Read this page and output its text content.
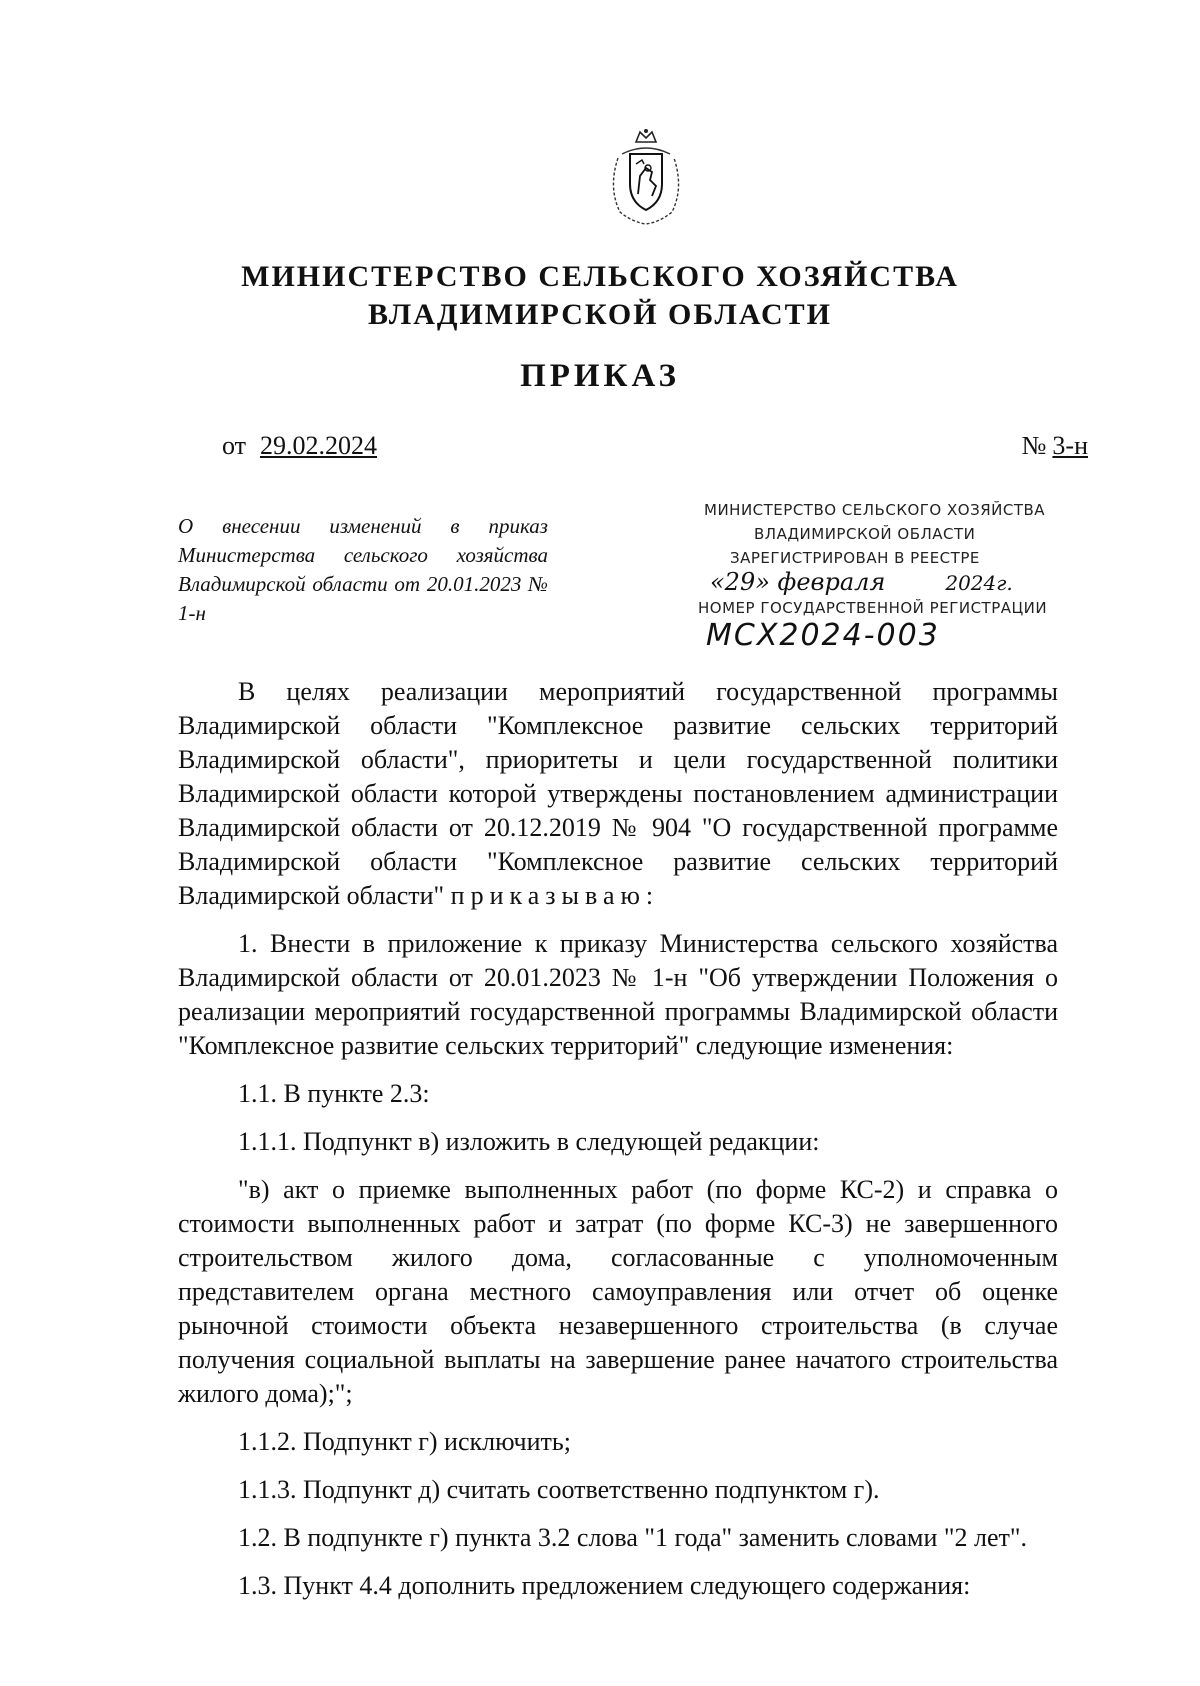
МИНИСТЕРСТВО СЕЛЬСКОГО ХОЗЯЙСТВА
ВЛАДИМИРСКОЙ ОБЛАСТИ
ПРИКАЗ
от 29.02.2024	№ 3-н
О внесении изменений в приказ Министерства сельского хозяйства Владимирской области от 20.01.2023 № 1-н
МИНИСТЕРСТВО СЕЛЬСКОГО ХОЗЯЙСТВА
ВЛАДИМИРСКОЙ ОБЛАСТИ
ЗАРЕГИСТРИРОВАН В РЕЕСТРЕ
«29» февраля	2024г.
НОМЕР ГОСУДАРСТВЕННОЙ РЕГИСТРАЦИИ
МСХ2024-003

В целях реализации мероприятий государственной программы Владимирской области "Комплексное развитие сельских территорий Владимирской области", приоритеты и цели государственной политики Владимирской области которой утверждены постановлением администрации Владимирской области от 20.12.2019 № 904 "О государственной программе Владимирской области "Комплексное развитие сельских территорий Владимирской области" приказываю:

1. Внести в приложение к приказу Министерства сельского хозяйства Владимирской области от 20.01.2023 № 1-н "Об утверждении Положения о реализации мероприятий государственной программы Владимирской области "Комплексное развитие сельских территорий" следующие изменения:

1.1. В пункте 2.3:

1.1.1. Подпункт в) изложить в следующей редакции:

"в) акт о приемке выполненных работ (по форме КС-2) и справка о стоимости выполненных работ и затрат (по форме КС-3) не завершенного строительством жилого дома, согласованные с уполномоченным представителем органа местного самоуправления или отчет об оценке рыночной стоимости объекта незавершенного строительства (в случае получения социальной выплаты на завершение ранее начатого строительства жилого дома);";

1.1.2. Подпункт г) исключить;

1.1.3. Подпункт д) считать соответственно подпунктом г).

1.2. В подпункте г) пункта 3.2 слова "1 года" заменить словами "2 лет".

1.3. Пункт 4.4 дополнить предложением следующего содержания:
